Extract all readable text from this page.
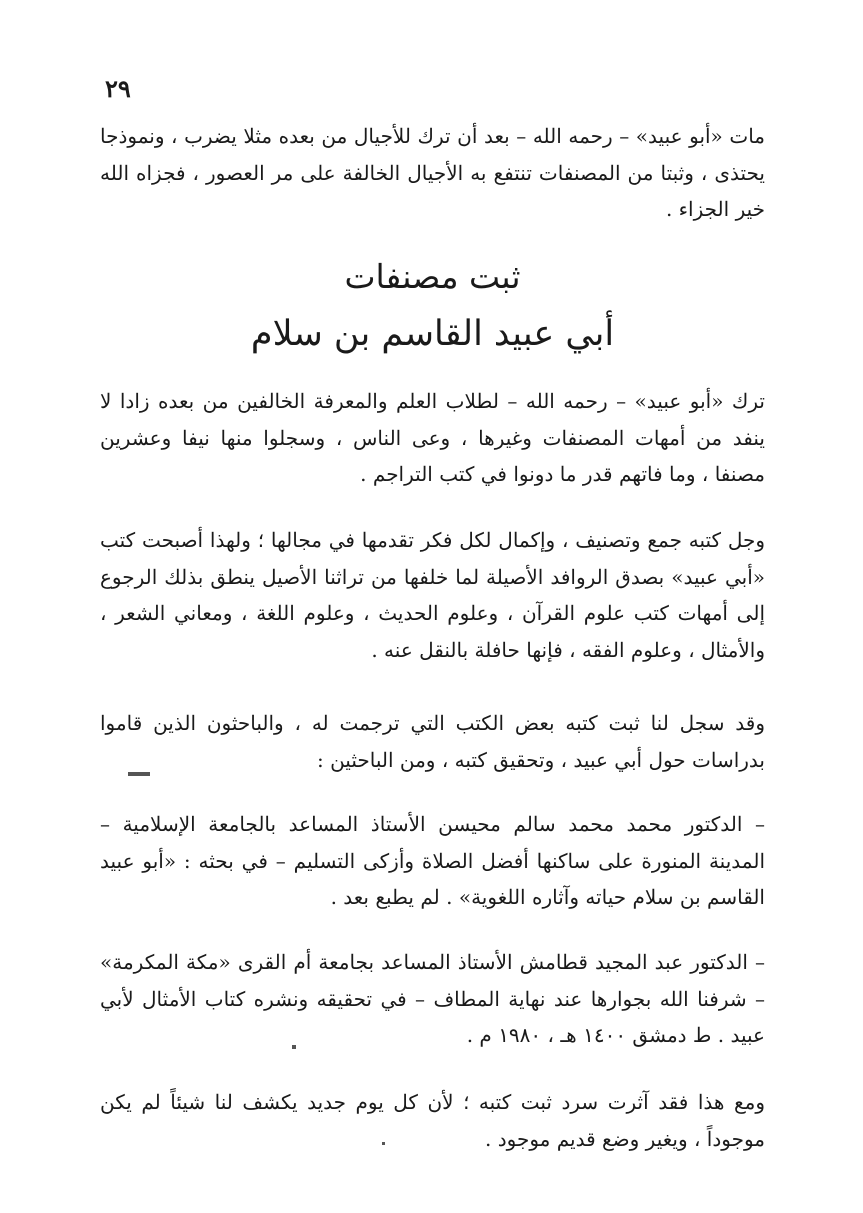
٢٩

مات «أبو عبيد» – رحمه الله – بعد أن ترك للأجيال من بعده مثلا يضرب ، ونموذجا يحتذى ، وثبتا من المصنفات تنتفع به الأجيال الخالفة على مر العصور ، فجزاه الله خير الجزاء .

ثبت مصنفات
أبي عبيد القاسم بن سلام

ترك «أبو عبيد» – رحمه الله – لطلاب العلم والمعرفة الخالفين من بعده زادا لا ينفد من أمهات المصنفات وغيرها ، وعى الناس ، وسجلوا منها نيفا وعشرين مصنفا ، وما فاتهم قدر ما دونوا في كتب التراجم .

وجل كتبه جمع وتصنيف ، وإكمال لكل فكر تقدمها في مجالها ؛ ولهذا أصبحت كتب «أبي عبيد» بصدق الروافد الأصيلة لما خلفها من تراثنا الأصيل ينطق بذلك الرجوع إلى أمهات كتب علوم القرآن ، وعلوم الحديث ، وعلوم اللغة ، ومعاني الشعر ، والأمثال ، وعلوم الفقه ، فإنها حافلة بالنقل عنه .

وقد سجل لنا ثبت كتبه بعض الكتب التي ترجمت له ، والباحثون الذين قاموا بدراسات حول أبي عبيد ، وتحقيق كتبه ، ومن الباحثين :

– الدكتور محمد محمد سالم محيسن الأستاذ المساعد بالجامعة الإسلامية – المدينة المنورة على ساكنها أفضل الصلاة وأزكى التسليم – في بحثه : «أبو عبيد القاسم بن سلام حياته وآثاره اللغوية» . لم يطبع بعد .

– الدكتور عبد المجيد قطامش الأستاذ المساعد بجامعة أم القرى «مكة المكرمة» – شرفنا الله بجوارها عند نهاية المطاف – في تحقيقه ونشره كتاب الأمثال لأبي عبيد . ط دمشق ١٤٠٠ هـ ، ١٩٨٠ م .

ومع هذا فقد آثرت سرد ثبت كتبه ؛ لأن كل يوم جديد يكشف لنا شيئاً لم يكن موجوداً ، ويغير وضع قديم موجود .
